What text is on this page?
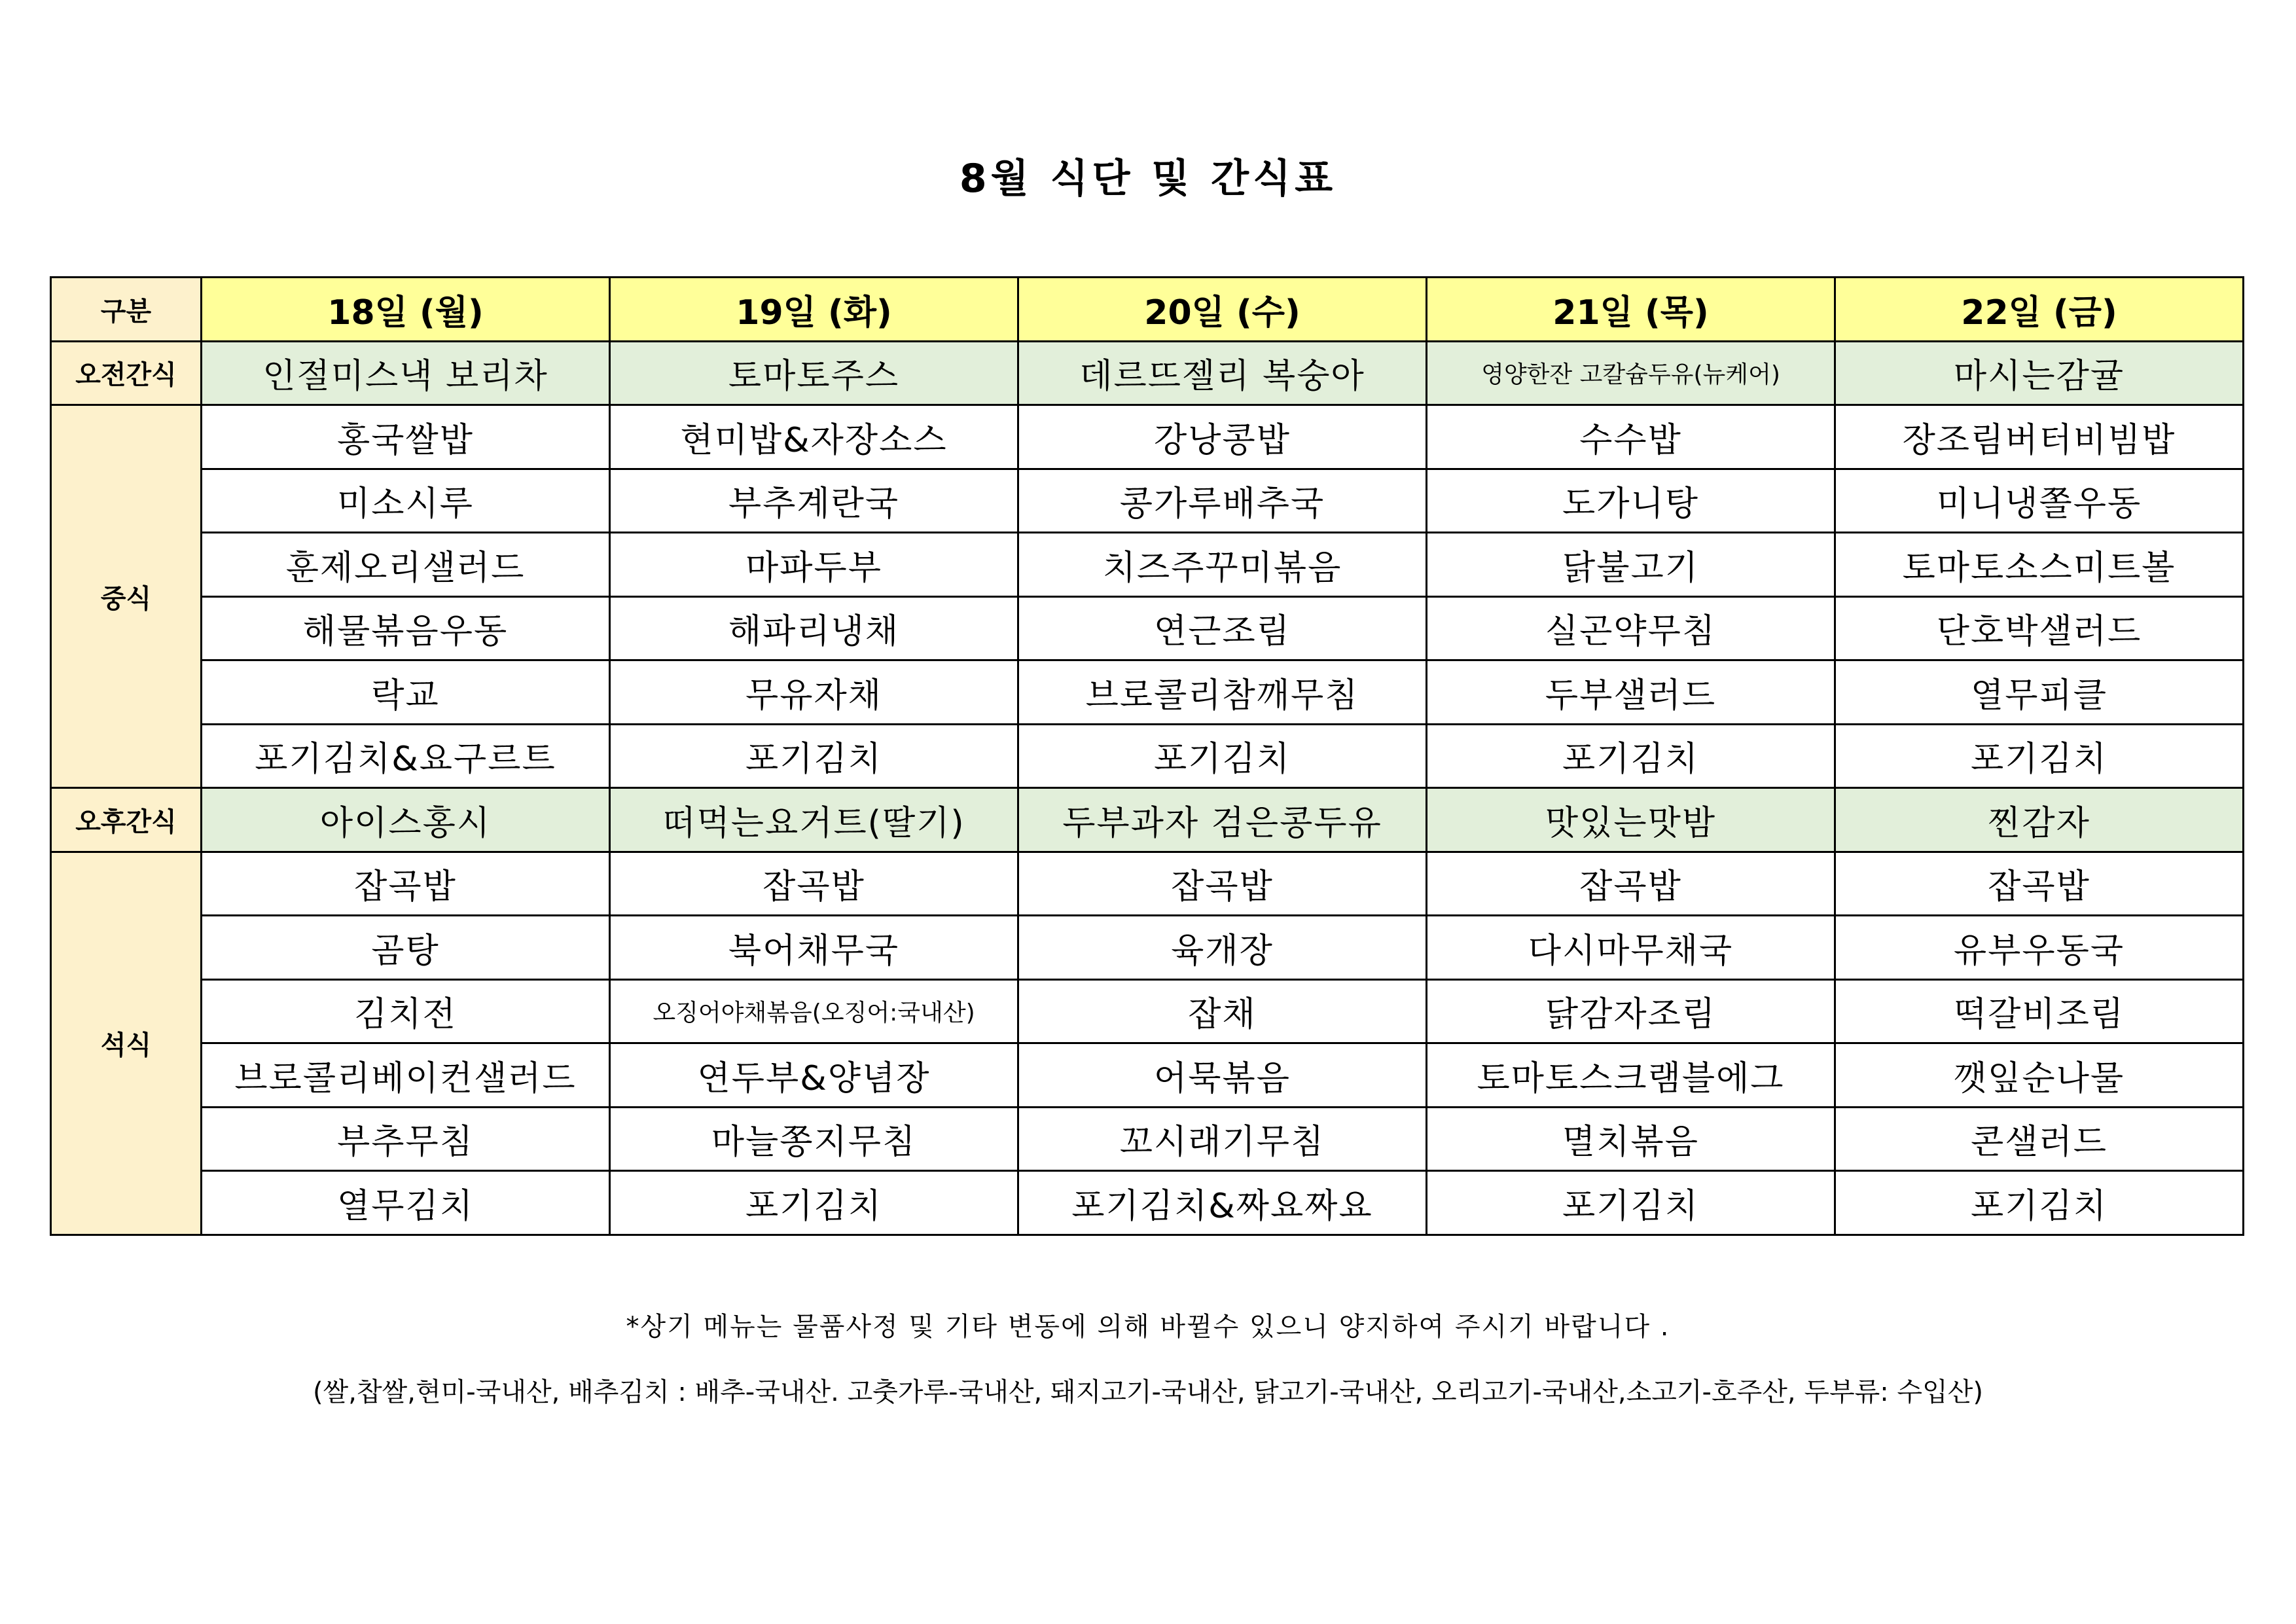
8월 식단 및 간식표
구분	18일 (월)	19일 (화)	20일 (수)	21일 (목)	22일 (금)
오전간식	인절미스낵 보리차	토마토주스	데르뜨젤리 복숭아	영양한잔 고칼슘두유(뉴케어)	마시는감귤
중식	홍국쌀밥	현미밥&자장소스	강낭콩밥	수수밥	장조림버터비빔밥
	미소시루	부추계란국	콩가루배추국	도가니탕	미니냉쫄우동
	훈제오리샐러드	마파두부	치즈주꾸미볶음	닭불고기	토마토소스미트볼
	해물볶음우동	해파리냉채	연근조림	실곤약무침	단호박샐러드
	락교	무유자채	브로콜리참깨무침	두부샐러드	열무피클
	포기김치&요구르트	포기김치	포기김치	포기김치	포기김치
오후간식	아이스홍시	떠먹는요거트(딸기)	두부과자 검은콩두유	맛있는맛밤	찐감자
석식	잡곡밥	잡곡밥	잡곡밥	잡곡밥	잡곡밥
	곰탕	북어채무국	육개장	다시마무채국	유부우동국
	김치전	오징어야채볶음(오징어:국내산)	잡채	닭감자조림	떡갈비조림
	브로콜리베이컨샐러드	연두부&양념장	어묵볶음	토마토스크램블에그	깻잎순나물
	부추무침	마늘쫑지무침	꼬시래기무침	멸치볶음	콘샐러드
	열무김치	포기김치	포기김치&짜요짜요	포기김치	포기김치
*상기 메뉴는 물품사정 및 기타 변동에 의해 바뀔수 있으니 양지하여 주시기 바랍니다 .
(쌀,찹쌀,현미-국내산, 배추김치 : 배추-국내산. 고춧가루-국내산, 돼지고기-국내산, 닭고기-국내산, 오리고기-국내산,소고기-호주산, 두부류: 수입산)
